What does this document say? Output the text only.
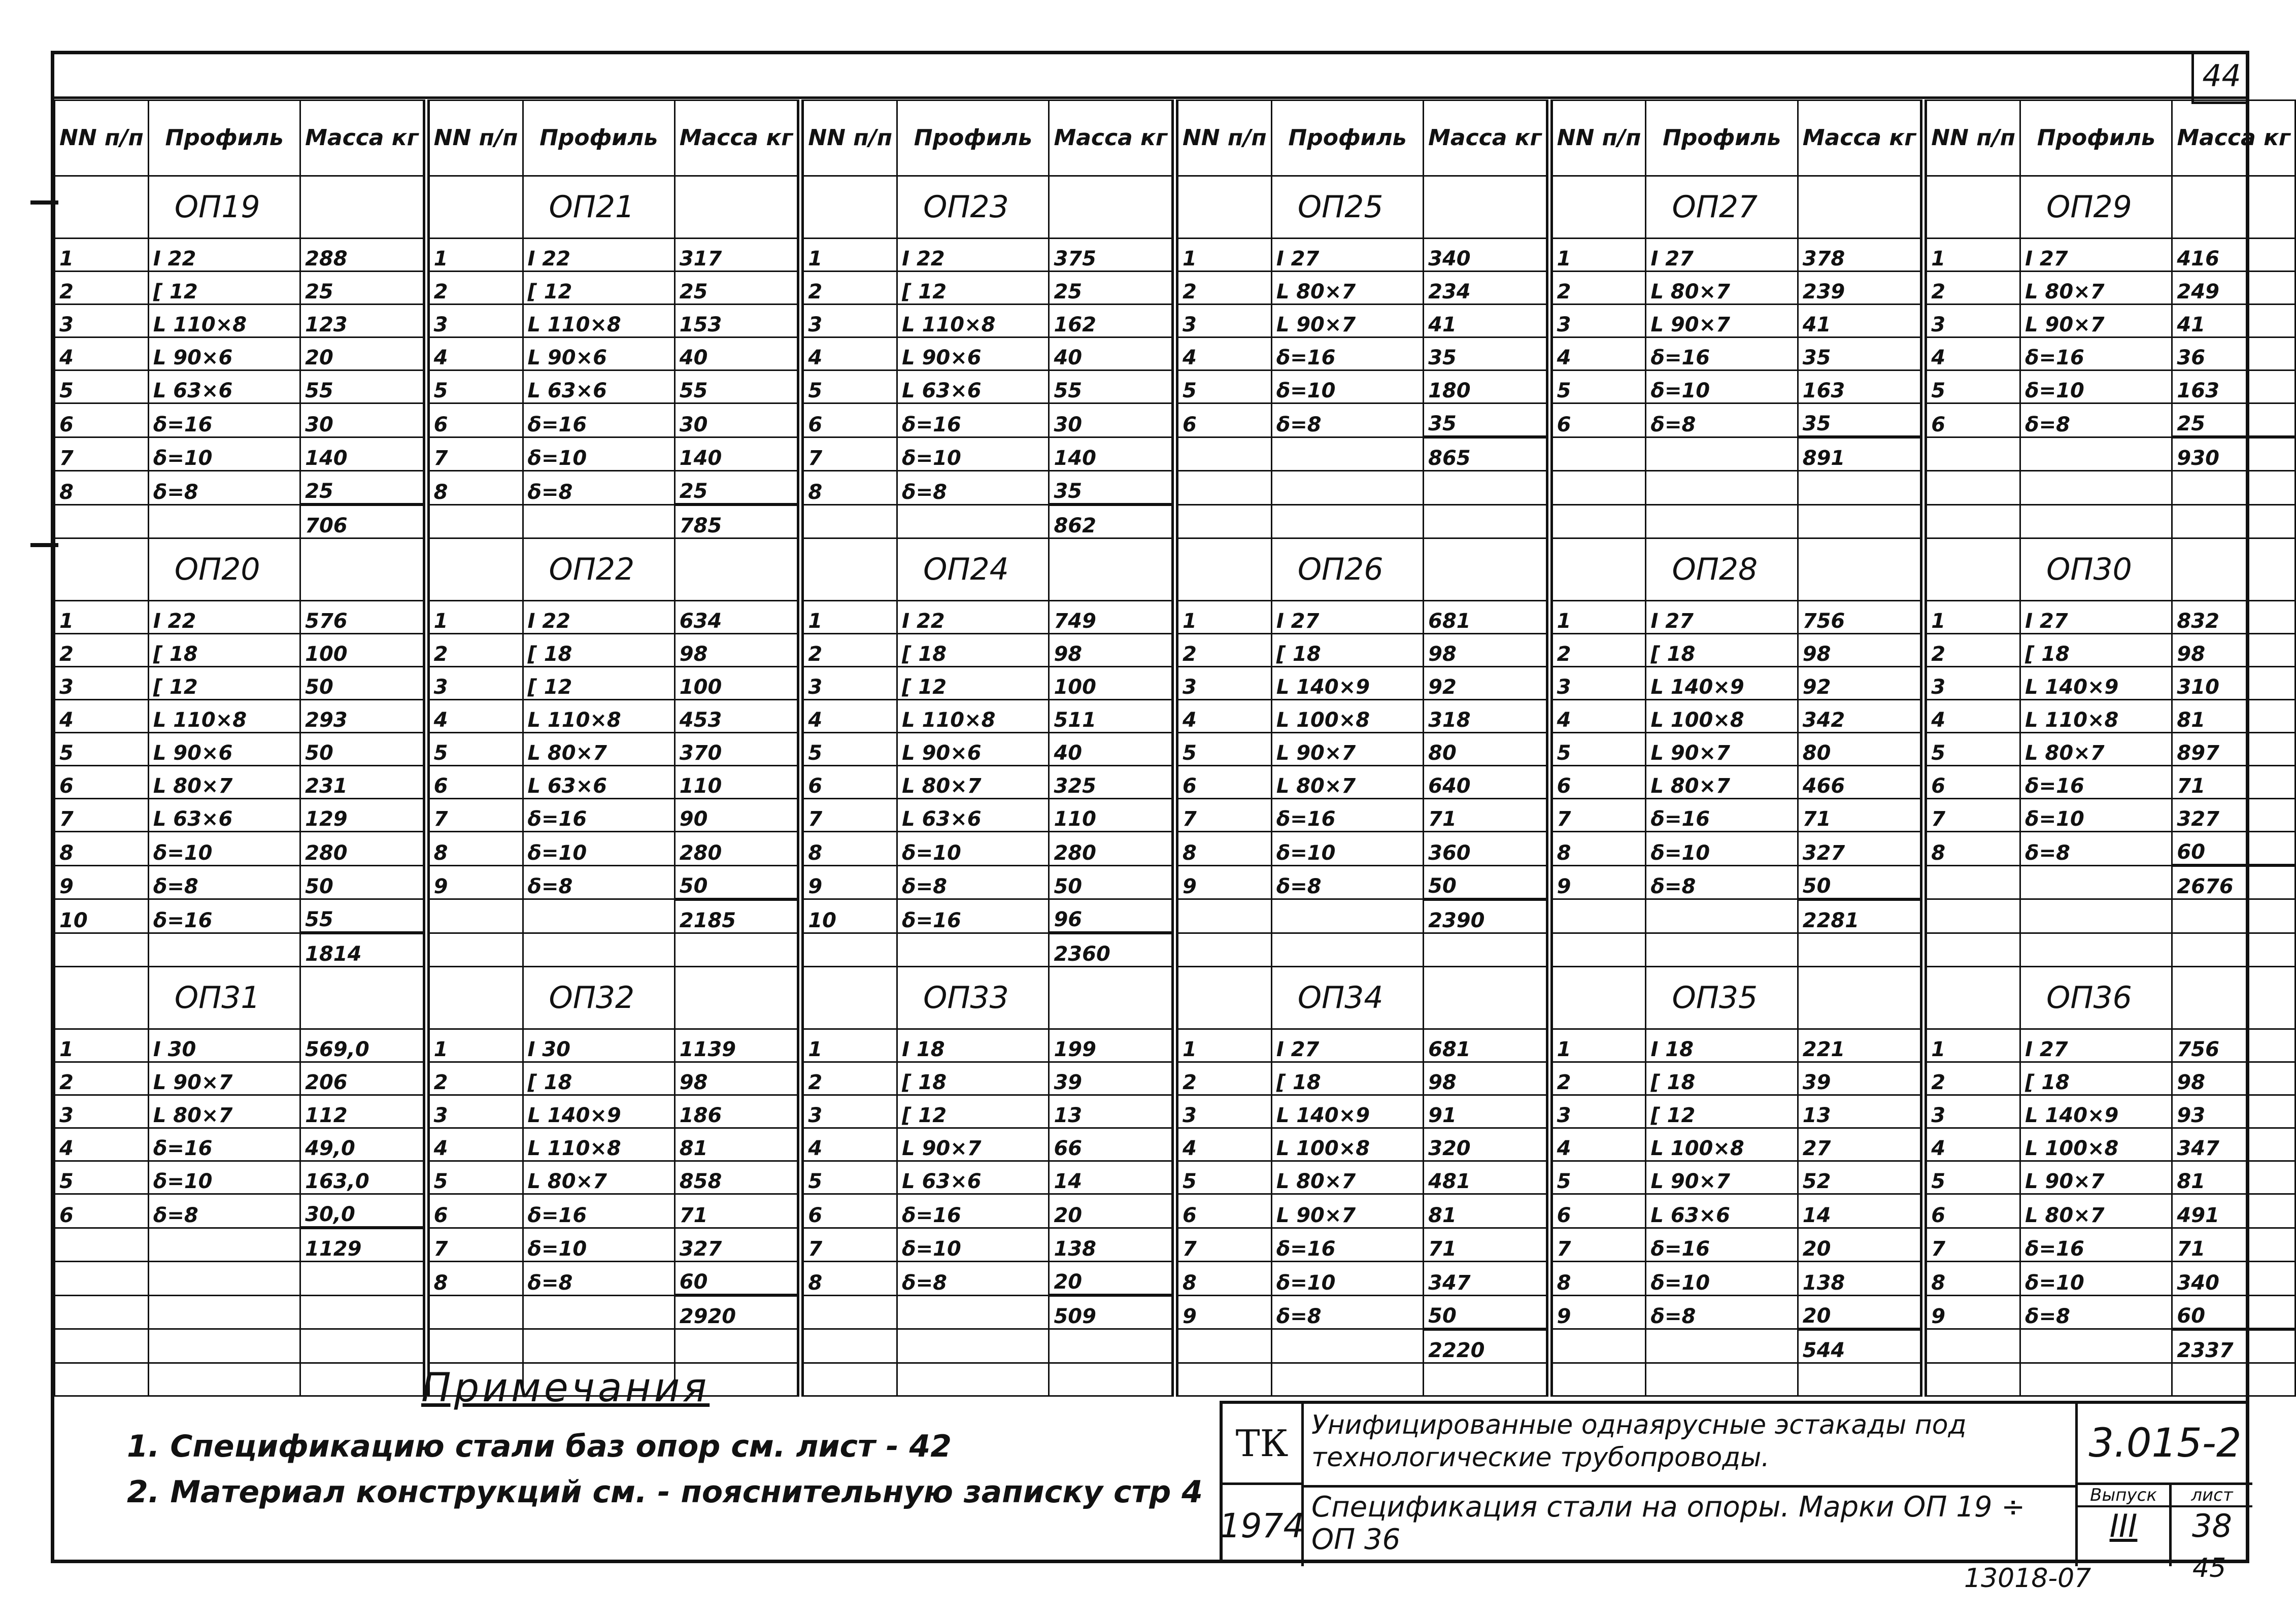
44
NN п/п	Профиль	Масса кг	NN п/п	Профиль	Масса кг	NN п/п	Профиль	Масса кг	NN п/п	Профиль	Масса кг	NN п/п	Профиль	Масса кг	NN п/п	Профиль	Масса кг
	ОП19			ОП21			ОП23			ОП25			ОП27			ОП29	
1	I 22	288	1	I 22	317	1	I 22	375	1	I 27	340	1	I 27	378	1	I 27	416
2	[ 12	25	2	[ 12	25	2	[ 12	25	2	L 80×7	234	2	L 80×7	239	2	L 80×7	249
3	L 110×8	123	3	L 110×8	153	3	L 110×8	162	3	L 90×7	41	3	L 90×7	41	3	L 90×7	41
4	L 90×6	20	4	L 90×6	40	4	L 90×6	40	4	δ=16	35	4	δ=16	35	4	δ=16	36
5	L 63×6	55	5	L 63×6	55	5	L 63×6	55	5	δ=10	180	5	δ=10	163	5	δ=10	163
6	δ=16	30	6	δ=16	30	6	δ=16	30	6	δ=8	35	6	δ=8	35	6	δ=8	25
7	δ=10	140	7	δ=10	140	7	δ=10	140			865			891			930
8	δ=8	25	8	δ=8	25	8	δ=8	35									
		706			785			862									
	ОП20			ОП22			ОП24			ОП26			ОП28			ОП30	
1	I 22	576	1	I 22	634	1	I 22	749	1	I 27	681	1	I 27	756	1	I 27	832
2	[ 18	100	2	[ 18	98	2	[ 18	98	2	[ 18	98	2	[ 18	98	2	[ 18	98
3	[ 12	50	3	[ 12	100	3	[ 12	100	3	L 140×9	92	3	L 140×9	92	3	L 140×9	310
4	L 110×8	293	4	L 110×8	453	4	L 110×8	511	4	L 100×8	318	4	L 100×8	342	4	L 110×8	81
5	L 90×6	50	5	L 80×7	370	5	L 90×6	40	5	L 90×7	80	5	L 90×7	80	5	L 80×7	897
6	L 80×7	231	6	L 63×6	110	6	L 80×7	325	6	L 80×7	640	6	L 80×7	466	6	δ=16	71
7	L 63×6	129	7	δ=16	90	7	L 63×6	110	7	δ=16	71	7	δ=16	71	7	δ=10	327
8	δ=10	280	8	δ=10	280	8	δ=10	280	8	δ=10	360	8	δ=10	327	8	δ=8	60
9	δ=8	50	9	δ=8	50	9	δ=8	50	9	δ=8	50	9	δ=8	50			2676
10	δ=16	55			2185	10	δ=16	96			2390			2281			
		1814						2360									
	ОП31			ОП32			ОП33			ОП34			ОП35			ОП36	
1	I 30	569,0	1	I 30	1139	1	I 18	199	1	I 27	681	1	I 18	221	1	I 27	756
2	L 90×7	206	2	[ 18	98	2	[ 18	39	2	[ 18	98	2	[ 18	39	2	[ 18	98
3	L 80×7	112	3	L 140×9	186	3	[ 12	13	3	L 140×9	91	3	[ 12	13	3	L 140×9	93
4	δ=16	49,0	4	L 110×8	81	4	L 90×7	66	4	L 100×8	320	4	L 100×8	27	4	L 100×8	347
5	δ=10	163,0	5	L 80×7	858	5	L 63×6	14	5	L 80×7	481	5	L 90×7	52	5	L 90×7	81
6	δ=8	30,0	6	δ=16	71	6	δ=16	20	6	L 90×7	81	6	L 63×6	14	6	L 80×7	491
		1129	7	δ=10	327	7	δ=10	138	7	δ=16	71	7	δ=16	20	7	δ=16	71
			8	δ=8	60	8	δ=8	20	8	δ=10	347	8	δ=10	138	8	δ=10	340
					2920			509	9	δ=8	50	9	δ=8	20	9	δ=8	60
											2220			544			2337

Примечания
1. Спецификацию стали баз опор см. лист - 42
2. Материал конструкций см. - пояснительную записку стр 4
ТК
1974
Унифицированные однаярусные эстакады под технологические трубопроводы.
Спецификация стали на опоры. Марки ОП 19 ÷ ОП 36
3.015-2
Выпуск
III
лист
38
13018-07	45
